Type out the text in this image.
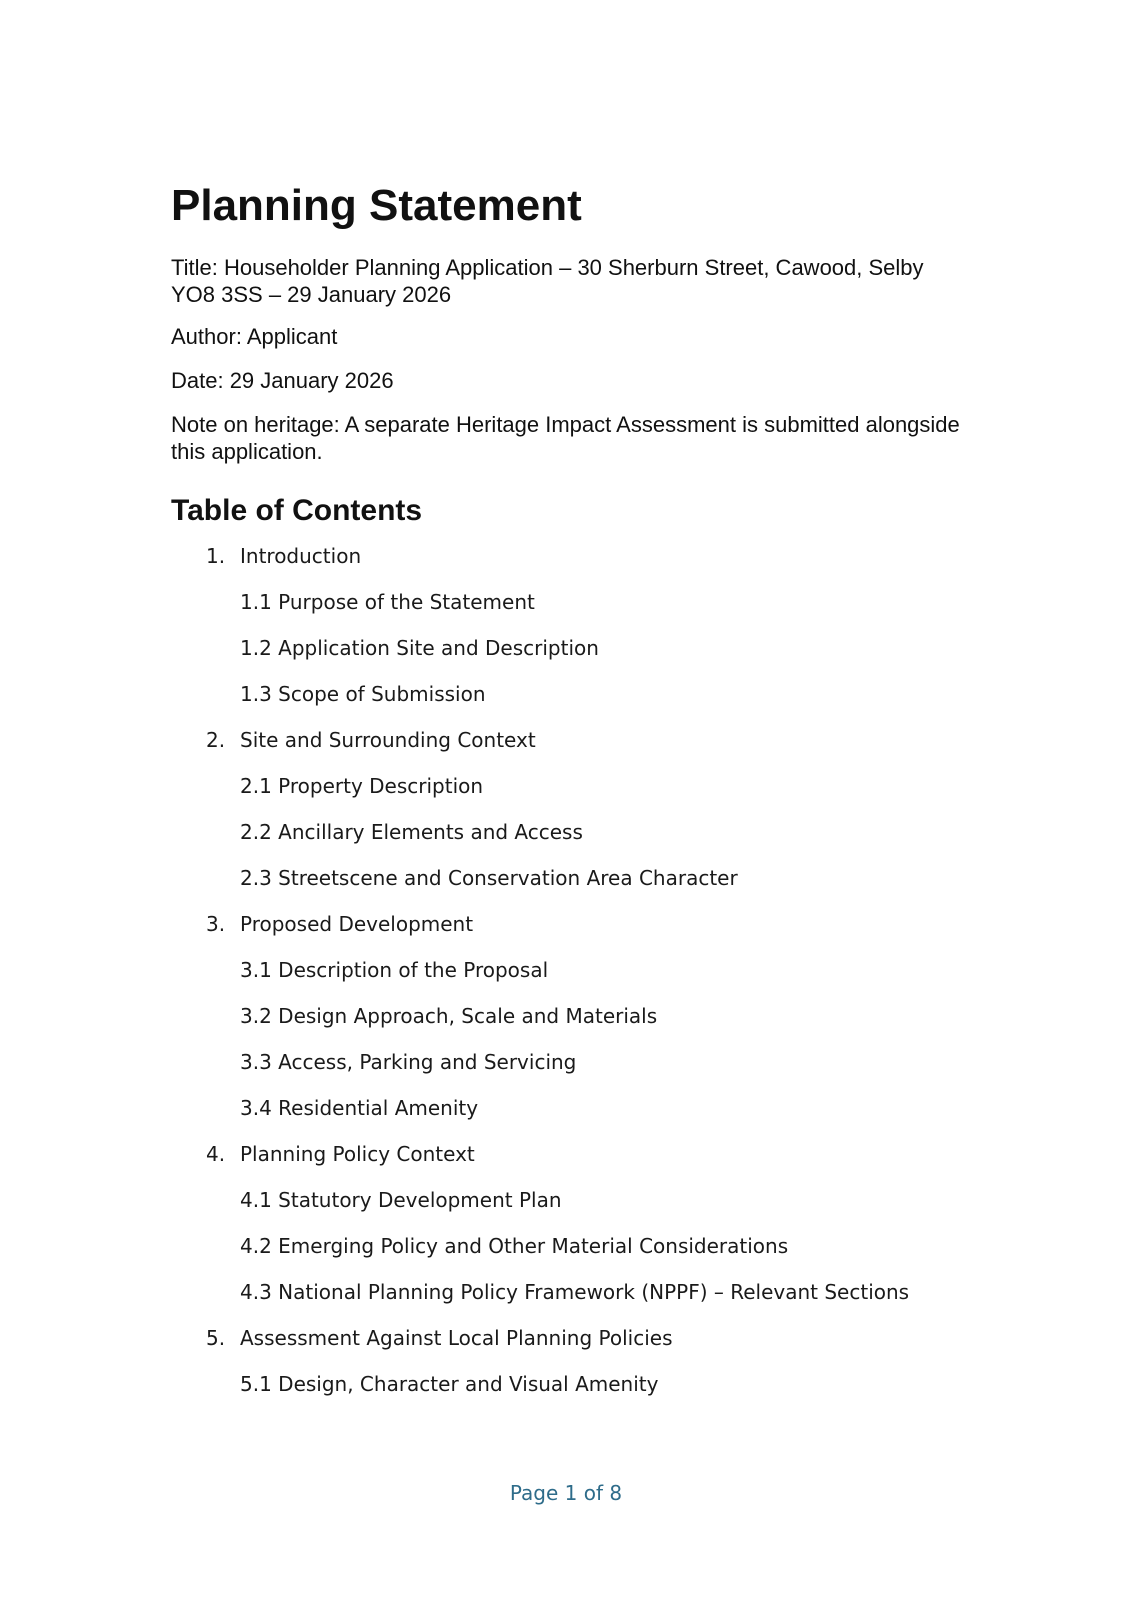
Planning Statement

Title: Householder Planning Application – 30 Sherburn Street, Cawood, Selby YO8 3SS – 29 January 2026

Author: Applicant

Date: 29 January 2026

Note on heritage: A separate Heritage Impact Assessment is submitted alongside this application.

Table of Contents
1. Introduction
1.1 Purpose of the Statement
1.2 Application Site and Description
1.3 Scope of Submission
2. Site and Surrounding Context
2.1 Property Description
2.2 Ancillary Elements and Access
2.3 Streetscene and Conservation Area Character
3. Proposed Development
3.1 Description of the Proposal
3.2 Design Approach, Scale and Materials
3.3 Access, Parking and Servicing
3.4 Residential Amenity
4. Planning Policy Context
4.1 Statutory Development Plan
4.2 Emerging Policy and Other Material Considerations
4.3 National Planning Policy Framework (NPPF) – Relevant Sections
5. Assessment Against Local Planning Policies
5.1 Design, Character and Visual Amenity
Page 1 of 8
